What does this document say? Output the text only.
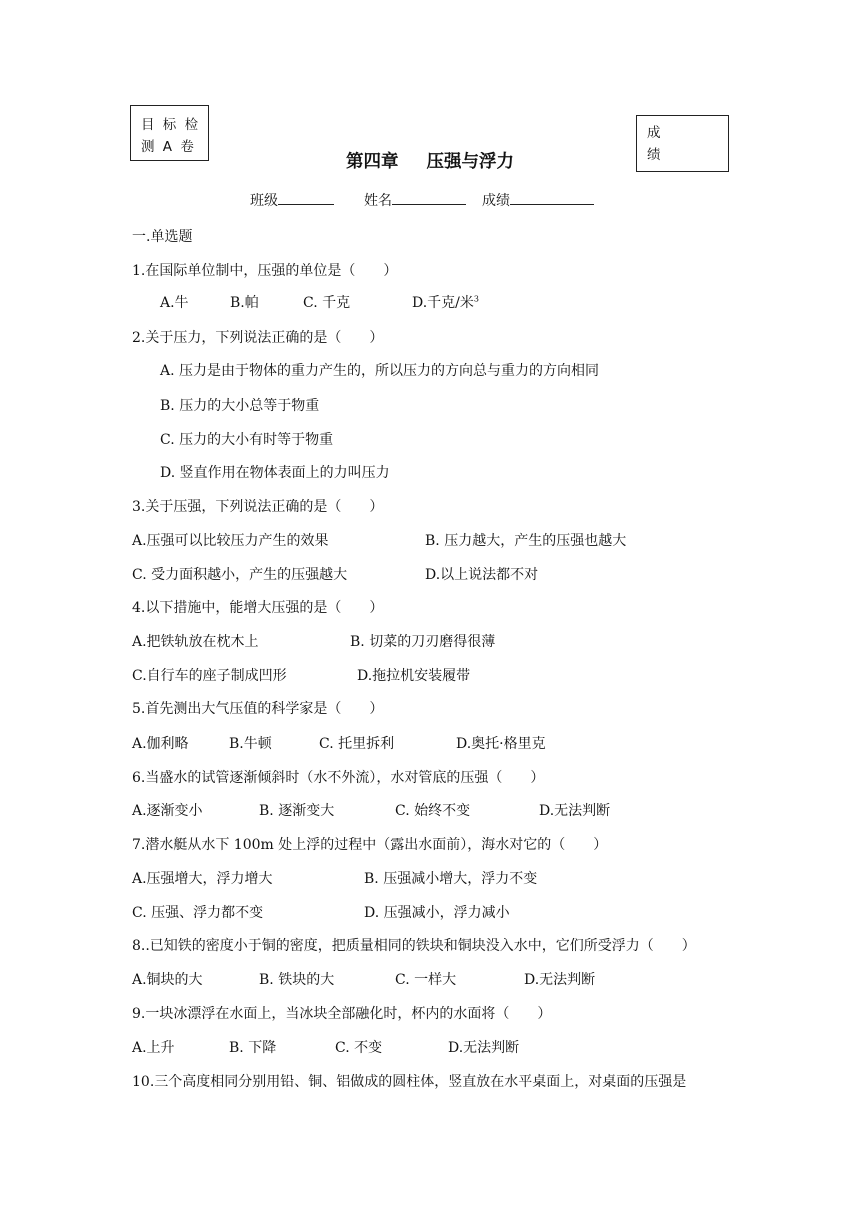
目 标 检
测 A 卷
成
绩
第四章 压强与浮力
班级	姓名	成绩
一.单选题
1.在国际单位制中，压强的单位是（　　）
A.牛	B.帕	C. 千克	D.千克/米$^3$
2.关于压力，下列说法正确的是（　　）
A. 压力是由于物体的重力产生的，所以压力的方向总与重力的方向相同
B. 压力的大小总等于物重
C. 压力的大小有时等于物重
D. 竖直作用在物体表面上的力叫压力
3.关于压强，下列说法正确的是（　　）
A.压强可以比较压力产生的效果	B. 压力越大，产生的压强也越大
C. 受力面积越小，产生的压强越大	D.以上说法都不对
4.以下措施中，能增大压强的是（　　）
A.把铁轨放在枕木上	B. 切菜的刀刃磨得很薄
C.自行车的座子制成凹形	D.拖拉机安装履带
5.首先测出大气压值的科学家是（　　）
A.伽利略	B.牛顿	C. 托里拆利	D.奥托·格里克
6.当盛水的试管逐渐倾斜时（水不外流），水对管底的压强（　　）
A.逐渐变小	B. 逐渐变大	C. 始终不变	D.无法判断
7.潜水艇从水下 100m 处上浮的过程中（露出水面前），海水对它的（　　）
A.压强增大，浮力增大	B. 压强减小增大，浮力不变
C. 压强、浮力都不变	D. 压强减小，浮力减小
8..已知铁的密度小于铜的密度，把质量相同的铁块和铜块没入水中，它们所受浮力（　　）
A.铜块的大	B. 铁块的大	C. 一样大	D.无法判断
9.一块冰漂浮在水面上，当冰块全部融化时，杯内的水面将（　　）
A.上升	B. 下降	C. 不变	D.无法判断
10.三个高度相同分别用铅、铜、铝做成的圆柱体，竖直放在水平桌面上，对桌面的压强是
